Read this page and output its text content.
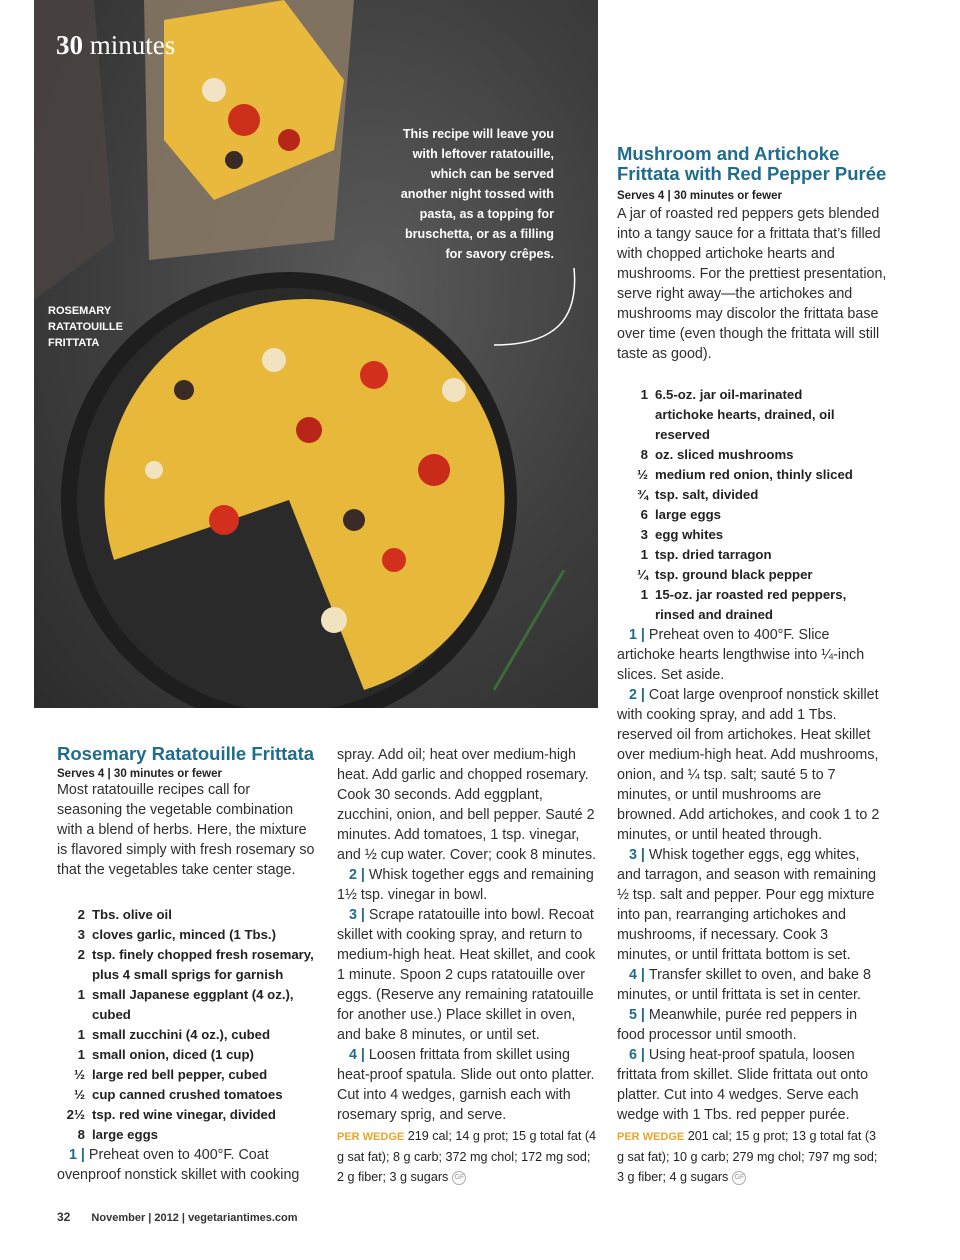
30 minutes
ROSEMARY
RATATOUILLE
FRITTATA
This recipe will leave you with leftover ratatouille, which can be served another night tossed with pasta, as a topping for bruschetta, or as a filling for savory crêpes.
Mushroom and Artichoke Frittata with Red Pepper Purée
Serves 4 | 30 minutes or fewer

A jar of roasted red peppers gets blended into a tangy sauce for a frittata that’s filled with chopped artichoke hearts and mushrooms. For the prettiest presentation, serve right away—the artichokes and mushrooms may discolor the frittata base over time (even though the frittata will still taste as good).

1 6.5-oz. jar oil-marinated artichoke hearts, drained, oil reserved
8 oz. sliced mushrooms
½ medium red onion, thinly sliced
¾ tsp. salt, divided
6 large eggs
3 egg whites
1 tsp. dried tarragon
¼ tsp. ground black pepper
1 15-oz. jar roasted red peppers, rinsed and drained

1 | Preheat oven to 400°F. Slice artichoke hearts lengthwise into ¼-inch slices. Set aside.

2 | Coat large ovenproof nonstick skillet with cooking spray, and add 1 Tbs. reserved oil from artichokes. Heat skillet over medium-high heat. Add mushrooms, onion, and ¼ tsp. salt; sauté 5 to 7 minutes, or until mushrooms are browned. Add artichokes, and cook 1 to 2 minutes, or until heated through.

3 | Whisk together eggs, egg whites, and tarragon, and season with remaining ½ tsp. salt and pepper. Pour egg mixture into pan, rearranging artichokes and mushrooms, if necessary. Cook 3 minutes, or until frittata bottom is set.

4 | Transfer skillet to oven, and bake 8 minutes, or until frittata is set in center.

5 | Meanwhile, purée red peppers in food processor until smooth.

6 | Using heat-proof spatula, loosen frittata from skillet. Slide frittata out onto platter. Cut into 4 wedges. Serve each wedge with 1 Tbs. red pepper purée.

PER WEDGE 201 cal; 15 g prot; 13 g total fat (3 g sat fat); 10 g carb; 279 mg chol; 797 mg sod; 3 g fiber; 4 g sugars GF
Rosemary Ratatouille Frittata
Serves 4 | 30 minutes or fewer

Most ratatouille recipes call for seasoning the vegetable combination with a blend of herbs. Here, the mixture is flavored simply with fresh rosemary so that the vegetables take center stage.

2 Tbs. olive oil
3 cloves garlic, minced (1 Tbs.)
2 tsp. finely chopped fresh rosemary, plus 4 small sprigs for garnish
1 small Japanese eggplant (4 oz.), cubed
1 small zucchini (4 oz.), cubed
1 small onion, diced (1 cup)
½ large red bell pepper, cubed
½ cup canned crushed tomatoes
2½ tsp. red wine vinegar, divided
8 large eggs
1 | Preheat oven to 400°F. Coat ovenproof nonstick skillet with cooking

spray. Add oil; heat over medium-high heat. Add garlic and chopped rosemary. Cook 30 seconds. Add eggplant, zucchini, onion, and bell pepper. Sauté 2 minutes. Add tomatoes, 1 tsp. vinegar, and ½ cup water. Cover; cook 8 minutes.

2 | Whisk together eggs and remaining 1½ tsp. vinegar in bowl.

3 | Scrape ratatouille into bowl. Recoat skillet with cooking spray, and return to medium-high heat. Heat skillet, and cook 1 minute. Spoon 2 cups ratatouille over eggs. (Reserve any remaining ratatouille for another use.) Place skillet in oven, and bake 8 minutes, or until set.

4 | Loosen frittata from skillet using heat-proof spatula. Slide out onto platter. Cut into 4 wedges, garnish each with rosemary sprig, and serve.

PER WEDGE 219 cal; 14 g prot; 15 g total fat (4 g sat fat); 8 g carb; 372 mg chol; 172 mg sod; 2 g fiber; 3 g sugars GF
32 November | 2012 | vegetariantimes.com
